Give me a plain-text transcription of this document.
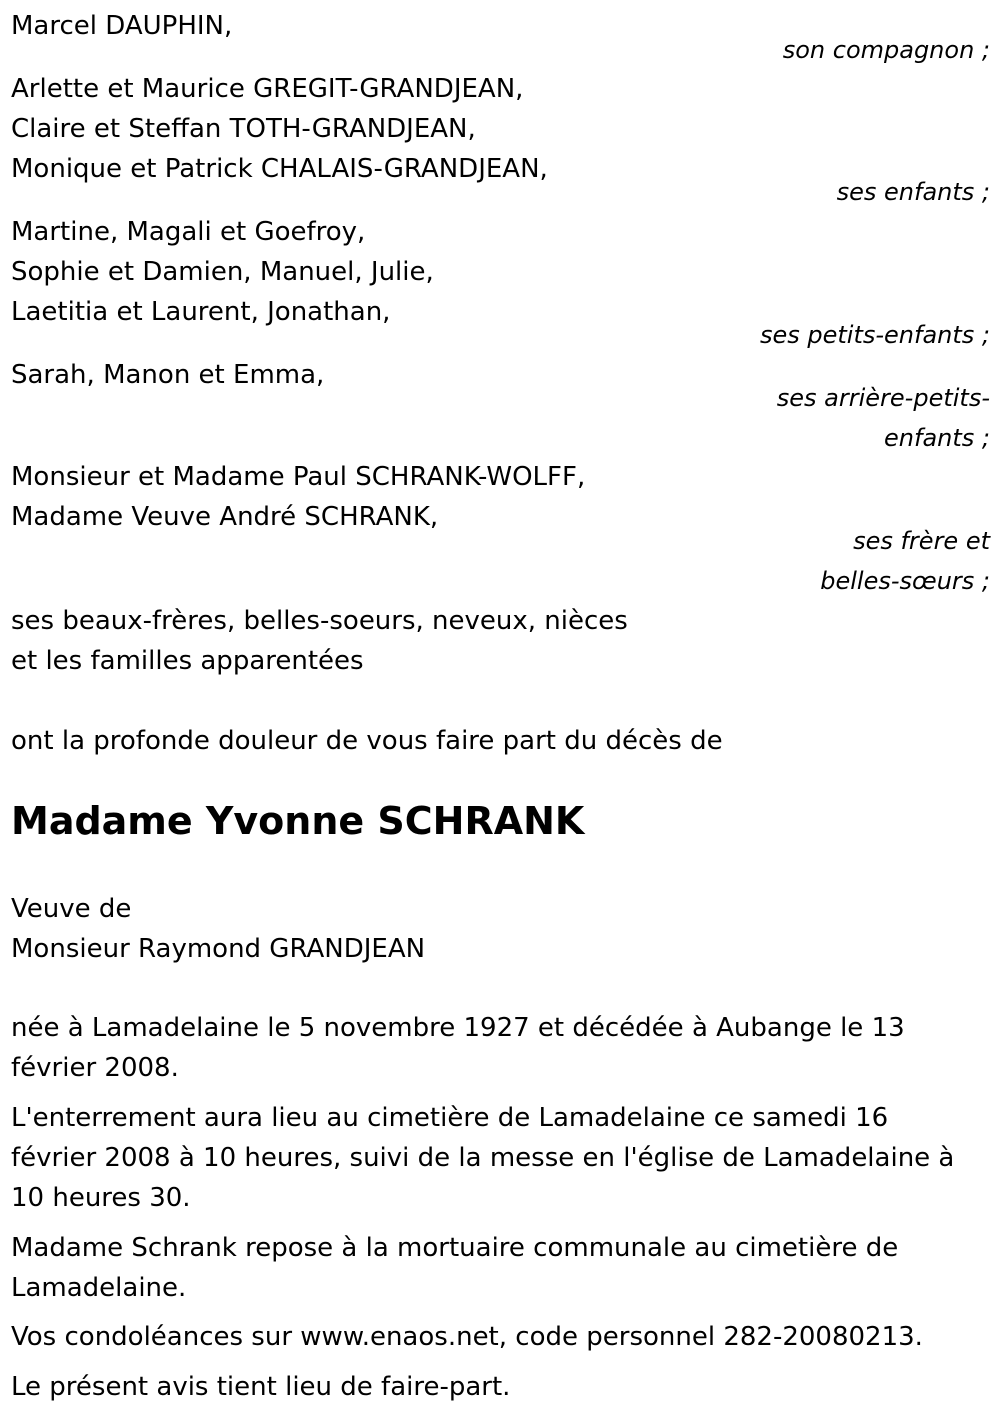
Marcel DAUPHIN,
son compagnon ;
Arlette et Maurice GREGIT-GRANDJEAN,
Claire et Steffan TOTH-GRANDJEAN,
Monique et Patrick CHALAIS-GRANDJEAN,
ses enfants ;
Martine, Magali et Goefroy,
Sophie et Damien, Manuel, Julie,
Laetitia et Laurent, Jonathan,
ses petits-enfants ;
Sarah, Manon et Emma,
ses arrière-petits-
enfants ;
Monsieur et Madame Paul SCHRANK-WOLFF,
Madame Veuve André SCHRANK,
ses frère et
belles-sœurs ;
ses beaux-frères, belles-soeurs, neveux, nièces
et les familles apparentées
ont la profonde douleur de vous faire part du décès de
Madame Yvonne SCHRANK
Veuve de
Monsieur Raymond GRANDJEAN
née à Lamadelaine le 5 novembre 1927 et décédée à Aubange le 13 février 2008.
L'enterrement aura lieu au cimetière de Lamadelaine ce samedi 16 février 2008 à 10 heures, suivi de la messe en l'église de Lamadelaine à 10 heures 30.
Madame Schrank repose à la mortuaire communale au cimetière de Lamadelaine.
Vos condoléances sur www.enaos.net, code personnel 282-20080213.
Le présent avis tient lieu de faire-part.
